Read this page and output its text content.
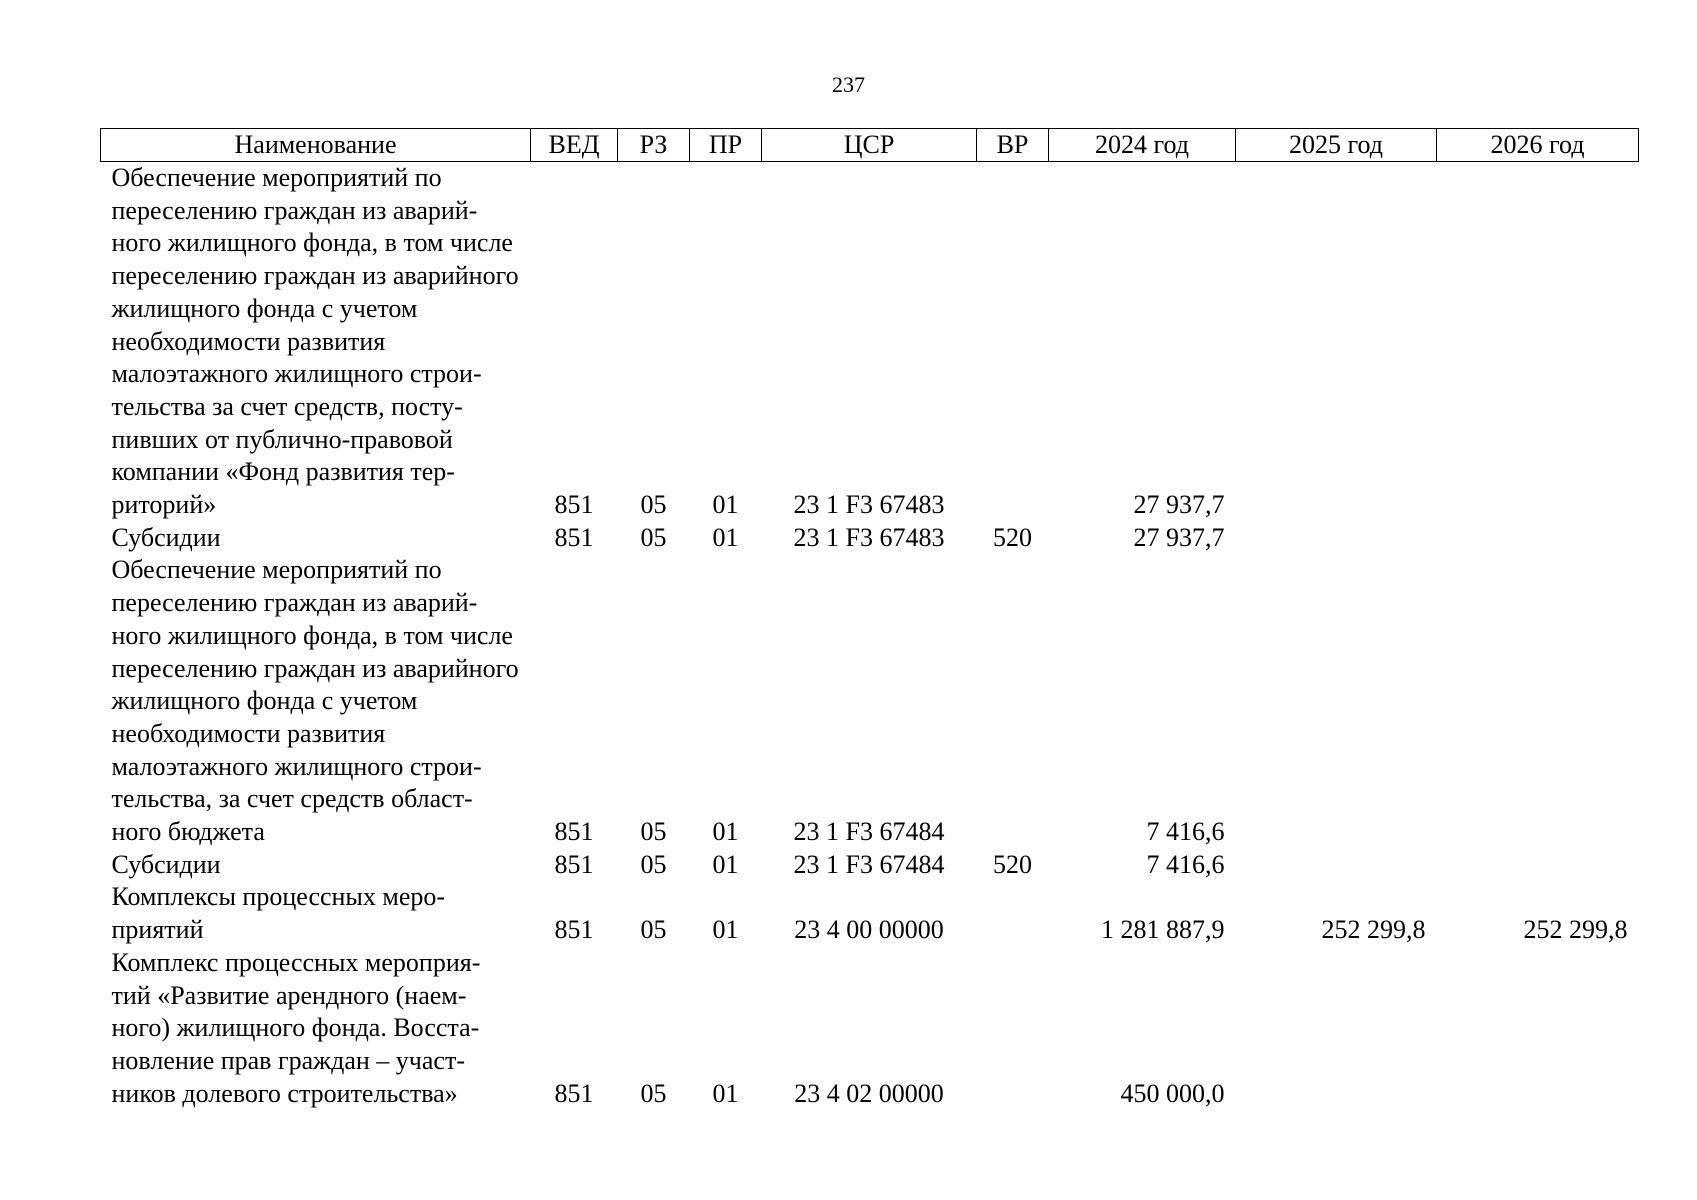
237
Наименование	ВЕД	РЗ	ПР	ЦСР	ВР	2024 год	2025 год	2026 год
Обеспечение мероприятий по переселению граждан из аварий-
ного жилищного фонда, в том числе переселению граждан из аварийного жилищного фонда с учетом необходимости развития малоэтажного жилищного строи-
тельства за счет средств, посту-
пивших от публично-правовой компании «Фонд развития тер-
риторий»	851	05	01	23 1 F3 67483		27 937,7		
Субсидии	851	05	01	23 1 F3 67483	520	27 937,7		
Обеспечение мероприятий по переселению граждан из аварий-
ного жилищного фонда, в том числе переселению граждан из аварийного жилищного фонда с учетом необходимости развития малоэтажного жилищного строи-
тельства, за счет средств област-
ного бюджета	851	05	01	23 1 F3 67484		7 416,6		
Субсидии	851	05	01	23 1 F3 67484	520	7 416,6		
Комплексы процессных меро-
приятий	851	05	01	23 4 00 00000		1 281 887,9	252 299,8	252 299,8
Комплекс процессных мероприя-
тий «Развитие арендного (наем-
ного) жилищного фонда. Восста-
новление прав граждан – участ-
ников долевого строительства»	851	05	01	23 4 02 00000		450 000,0		
